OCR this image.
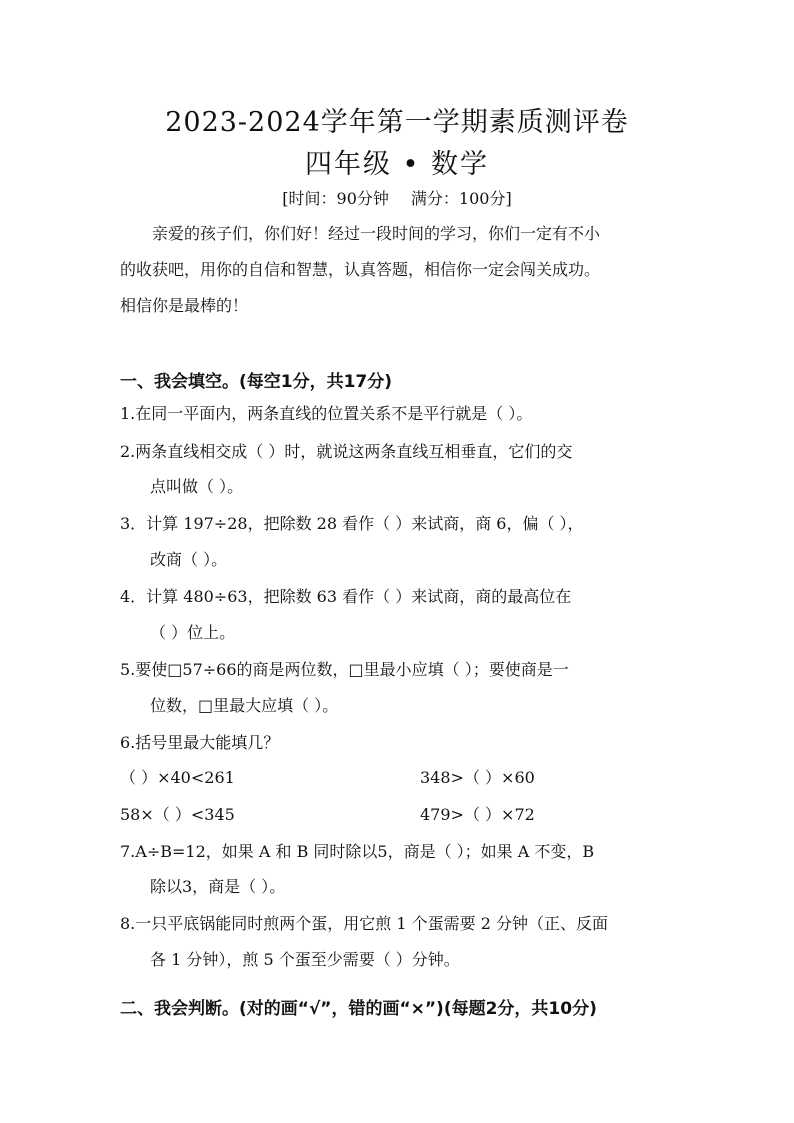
2023-2024学年第一学期素质测评卷
四年级 • 数学
[时间：90分钟 满分：100分]
亲爱的孩子们，你们好！经过一段时间的学习，你们一定有不小
的收获吧，用你的自信和智慧，认真答题，相信你一定会闯关成功。
相信你是最棒的！
一、我会填空。(每空1分，共17分)
1.在同一平面内，两条直线的位置关系不是平行就是（ ）。
2.两条直线相交成（ ）时，就说这两条直线互相垂直，它们的交
点叫做（ ）。
3．计算 197÷28，把除数 28 看作（ ）来试商，商 6，偏（ ），
改商（ ）。
4．计算 480÷63，把除数 63 看作（ ）来试商，商的最高位在
（ ）位上。
5.要使□57÷66的商是两位数，□里最小应填（ ）；要使商是一
位数，□里最大应填（ ）。
6.括号里最大能填几？
（ ）×40<261	348>（ ）×60
58×（ ）<345	479>（ ）×72
7.A÷B=12，如果 A 和 B 同时除以5，商是（ ）；如果 A 不变，B
除以3，商是（ ）。
8.一只平底锅能同时煎两个蛋，用它煎 1 个蛋需要 2 分钟（正、反面
各 1 分钟），煎 5 个蛋至少需要（ ）分钟。
二、我会判断。(对的画“√”，错的画“×”)(每题2分，共10分)
